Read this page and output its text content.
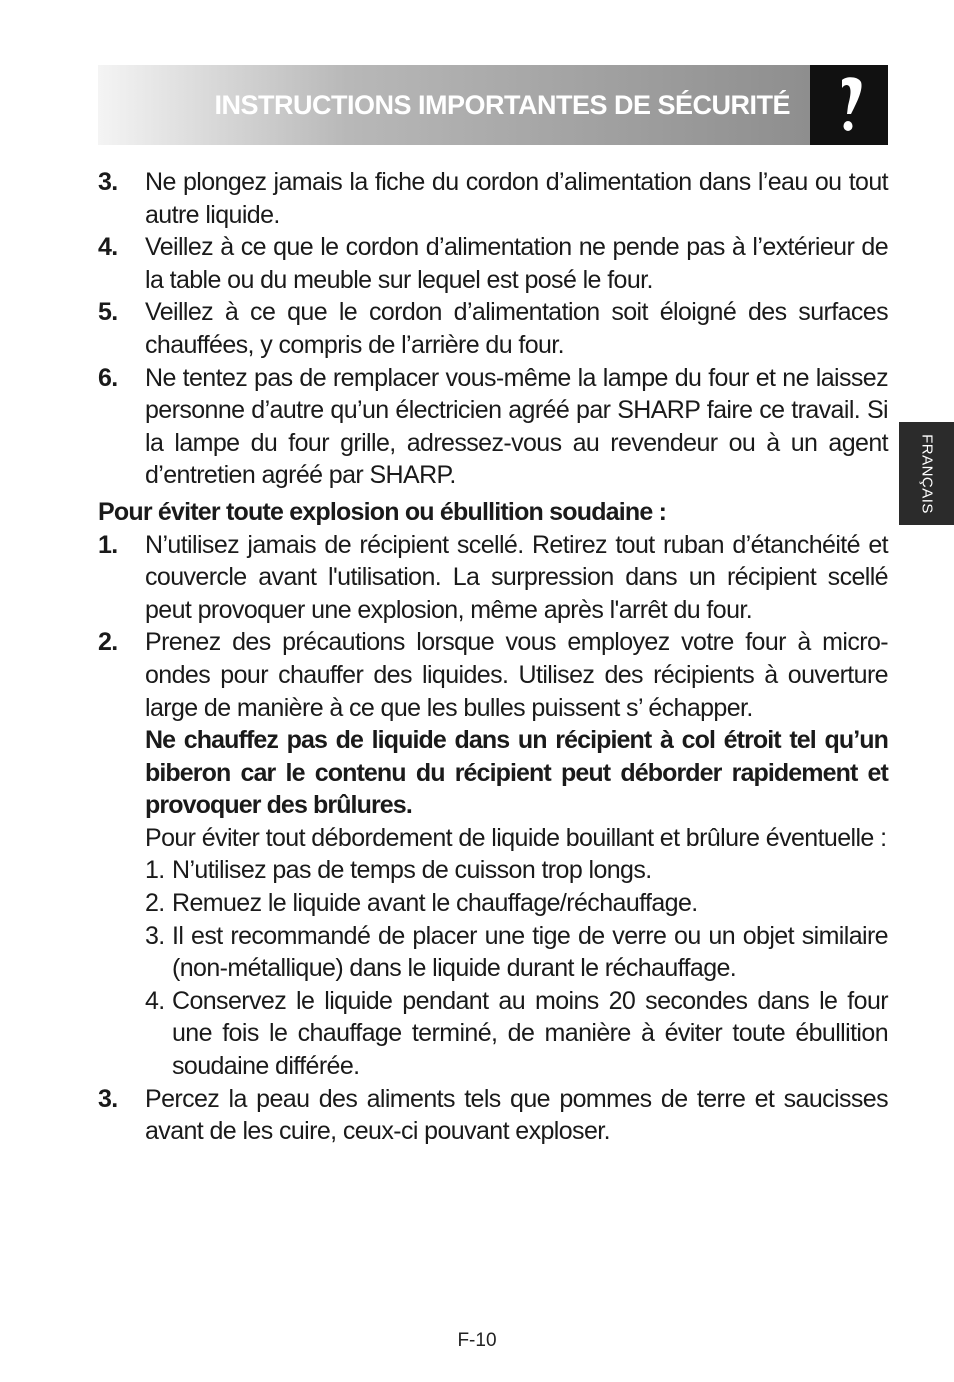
INSTRUCTIONS IMPORTANTES DE SÉCURITÉ
FRANÇAIS
3.	Ne plongez jamais la fiche du cordon d’alimentation dans l’eau ou tout autre liquide.
4.	Veillez à ce que le cordon d’alimentation ne pende pas à l’extérieur de la table ou du meuble sur lequel est posé le four.
5.	Veillez à ce que le cordon d’alimentation soit éloigné des surfaces chauffées, y compris de l’arrière du four.
6.	Ne tentez pas de remplacer vous-même la lampe du four et ne laissez personne d’autre qu’un électricien agréé par SHARP faire ce travail. Si la lampe du four grille, adressez-vous au revendeur ou à un agent d’entretien agréé par SHARP.
Pour éviter toute explosion ou ébullition soudaine :
1.	N’utilisez jamais de récipient scellé. Retirez tout ruban d’étanchéité et couvercle avant l'utilisation. La surpression dans un récipient scellé peut provoquer une explosion, même après l'arrêt du four.
2.	Prenez des précautions lorsque vous employez votre four à micro-ondes pour chauffer des liquides. Utilisez des récipients à ouverture large de manière à ce que les bulles puissent s’ échapper.
Ne chauffez pas de liquide dans un récipient à col étroit tel qu’un biberon car le contenu du récipient peut déborder rapidement et provoquer des brûlures.
Pour éviter tout débordement de liquide bouillant et brûlure éventuelle :
1. N’utilisez pas de temps de cuisson trop longs.
2. Remuez le liquide avant le chauffage/réchauffage.
3. Il est recommandé de placer une tige de verre ou un objet similaire (non-métallique) dans le liquide durant le réchauffage.
4. Conservez le liquide pendant au moins 20 secondes dans le four une fois le chauffage terminé, de manière à éviter toute ébullition soudaine différée.
3.	Percez la peau des aliments tels que pommes de terre et saucisses avant de les cuire, ceux-ci pouvant exploser.
F-10
